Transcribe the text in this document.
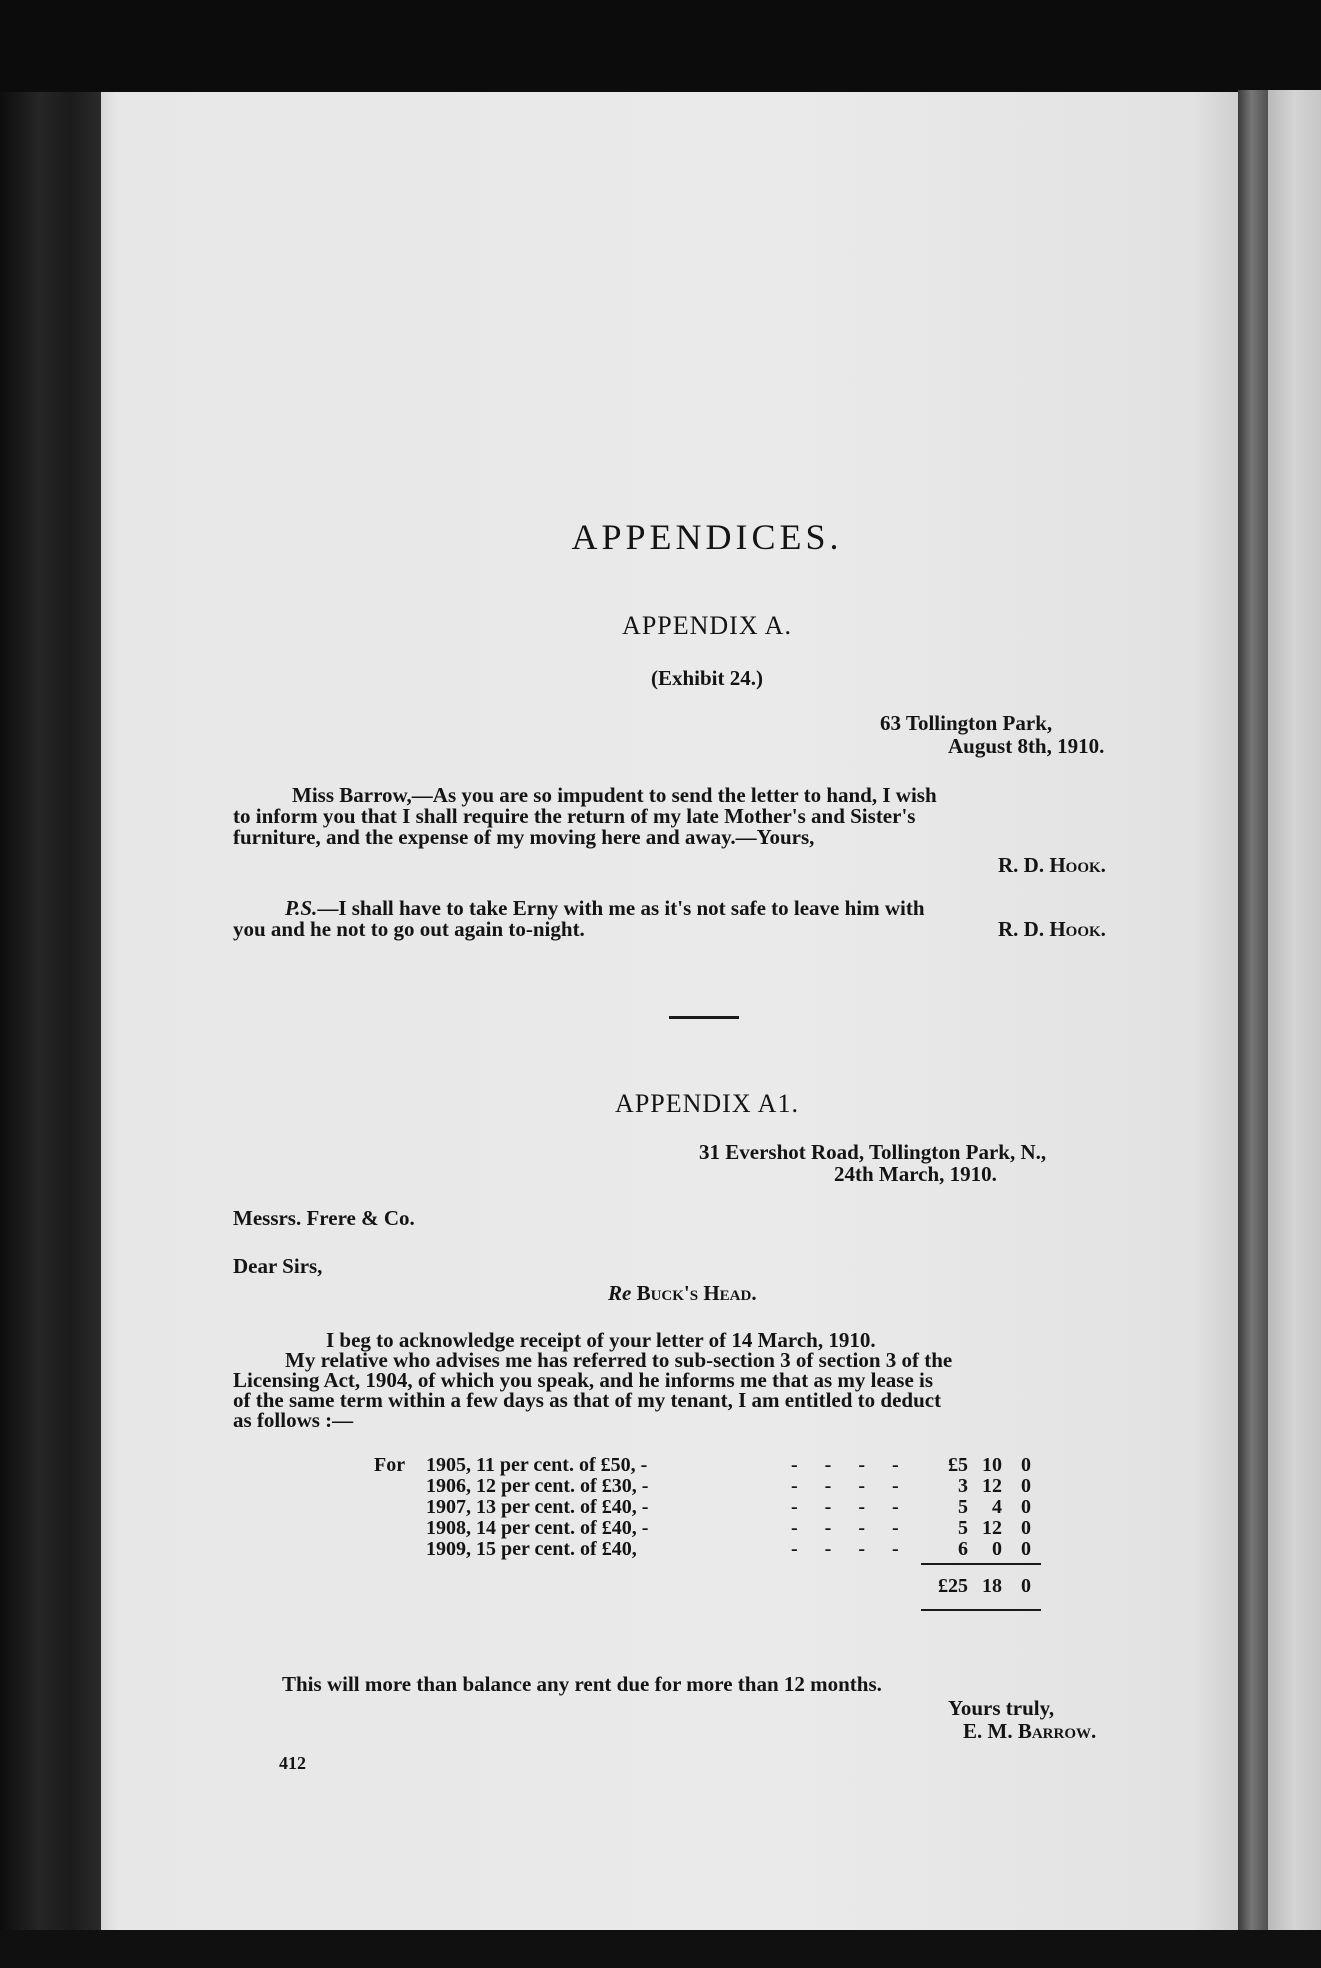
APPENDICES.
APPENDIX A.
(Exhibit 24.)
63 Tollington Park,
August 8th, 1910.
Miss Barrow,—As you are so impudent to send the letter to hand, I wish
to inform you that I shall require the return of my late Mother's and Sister's
furniture, and the expense of my moving here and away.—Yours,
R. D. Hook.
P.S.—I shall have to take Erny with me as it's not safe to leave him with
you and he not to go out again to-night.	R. D. Hook.
APPENDIX A1.
31 Evershot Road, Tollington Park, N.,
24th March, 1910.
Messrs. Frere & Co.
Dear Sirs,
Re Buck's Head.
I beg to acknowledge receipt of your letter of 14 March, 1910.
My relative who advises me has referred to sub-section 3 of section 3 of the
Licensing Act, 1904, of which you speak, and he informs me that as my lease is
of the same term within a few days as that of my tenant, I am entitled to deduct
as follows :—
For	1905, 11 per cent. of £50, -
1906, 12 per cent. of £30, -
1907, 13 per cent. of £40, -
1908, 14 per cent. of £40, -
1909, 15 per cent. of £40,
- - - -
- - - -
- - - -
- - - -
- - - -
£5
3
5
5
6
10
12
4
12
0
0
0
0
0
0
£25 18 0
This will more than balance any rent due for more than 12 months.
Yours truly,
E. M. Barrow.
412
